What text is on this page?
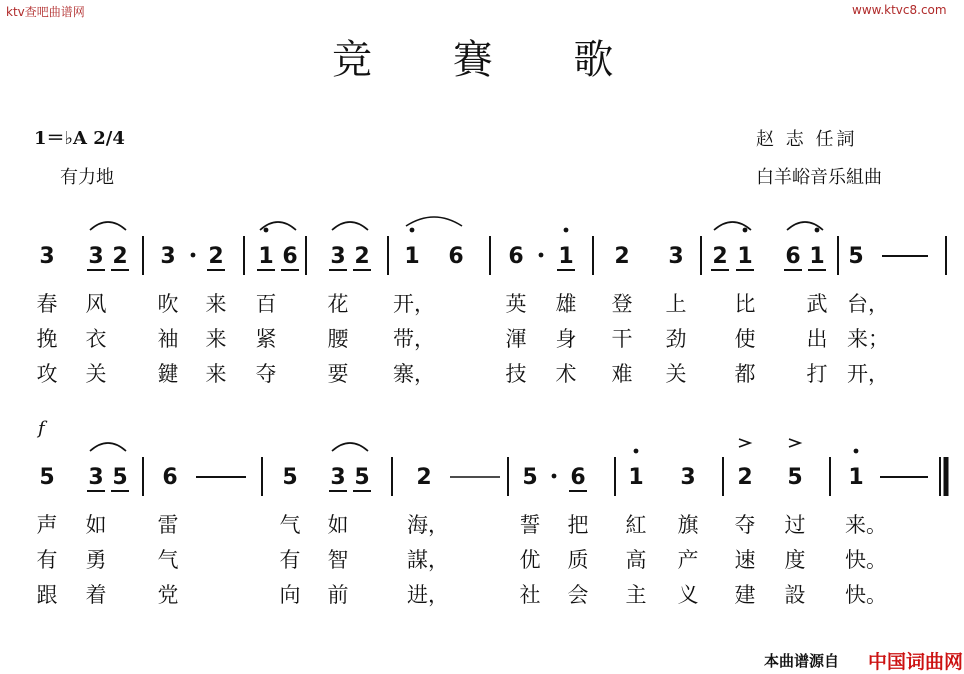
ktv查吧曲谱网	www.ktvc8.com
竞 賽 歌
1＝♭A 2/4
有力地
赵 志 任詞
白羊峪音乐組曲
f
3 3 2 3 2 1 6 3 2 1 6 6 1 2 3 2 1 6 1 5
5 3 5 6	5 3 5 2	5 6 1 3 2 5 1
春 风 吹 来 百 花 开，	英 雄 登 上 比 武 台，
挽 衣 袖 来 紧 腰 带，	渾 身 干 劲 使 出 来；
攻 关 鍵 来 夺 要 寨，	技 术 难 关 都 打 开，
声 如 雷	气 如	海，	誓 把 紅 旗 夺 过 来。
有 勇 气	有 智	謀，	优 质 高 产 速 度 快。
跟 着 党	向 前	进，	社 会 主 义 建 設 快。
本曲谱源自 中国词曲网
